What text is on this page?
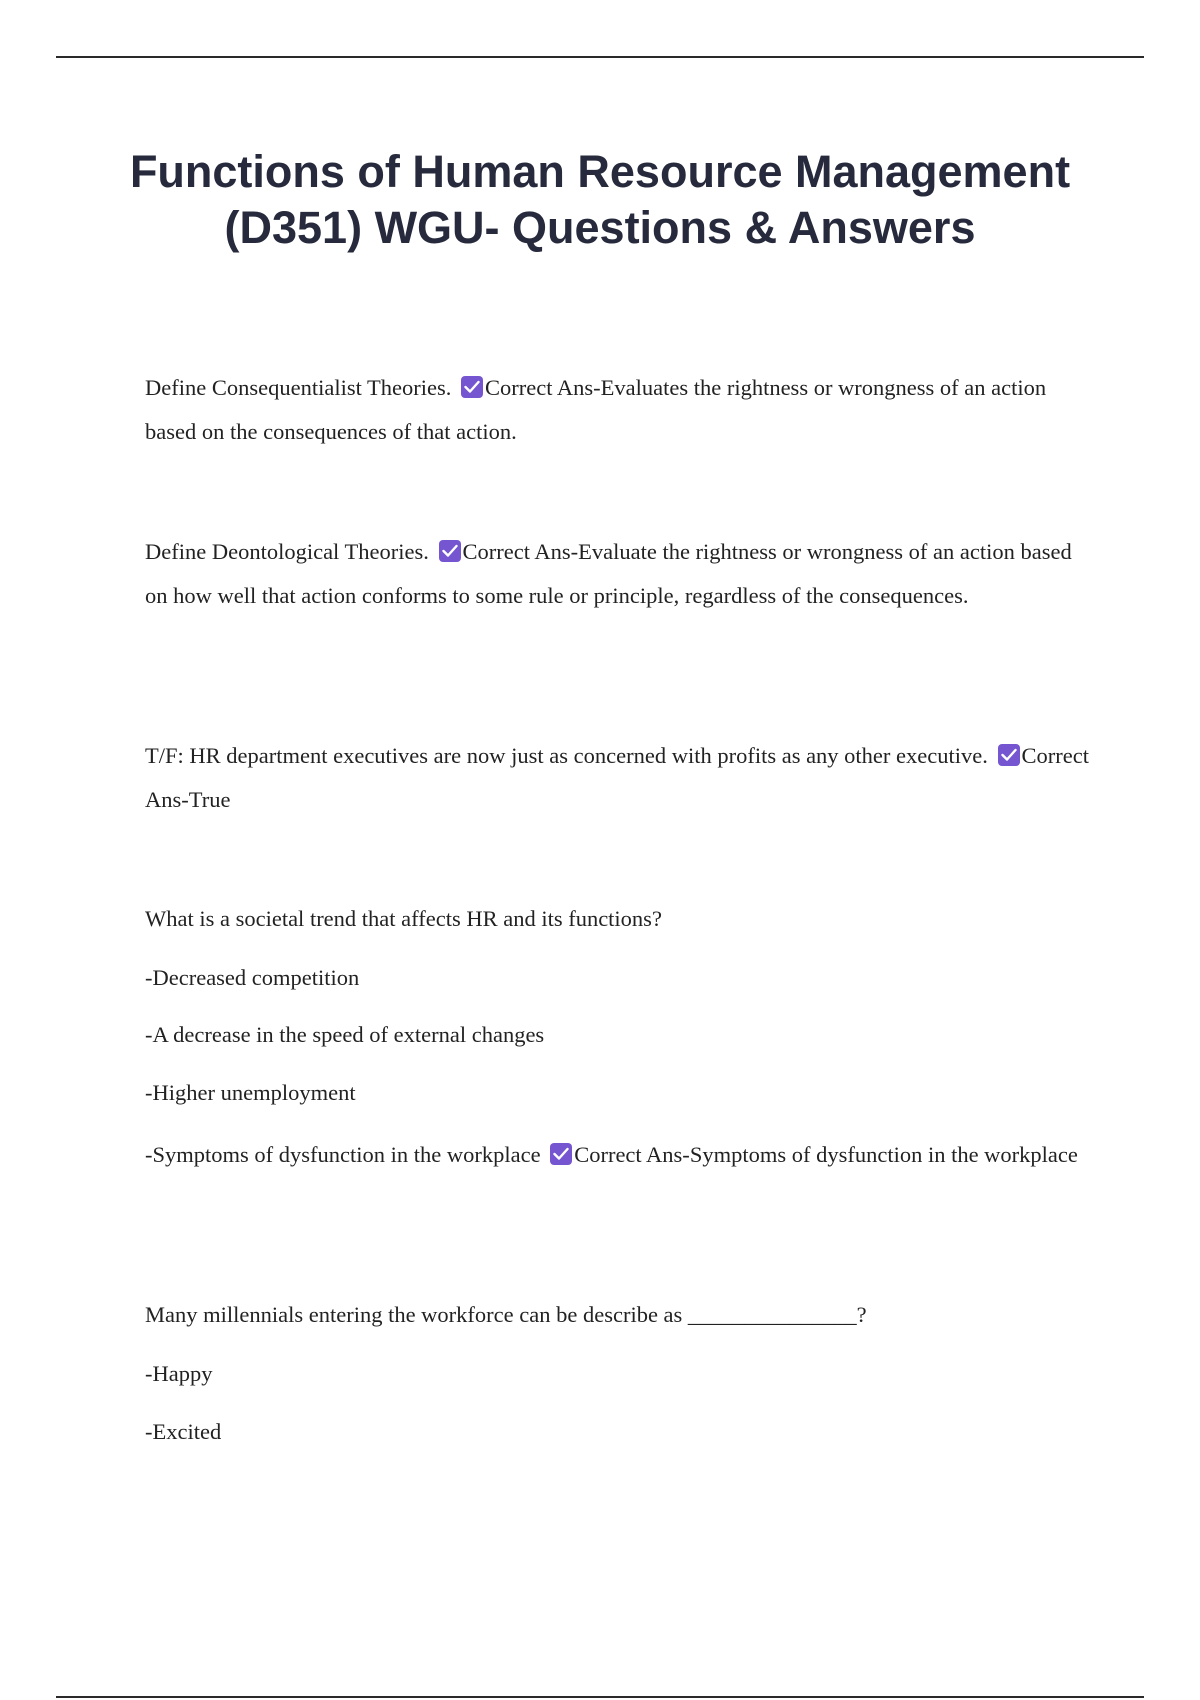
Functions of Human Resource Management (D351) WGU- Questions & Answers

Define Consequentialist Theories. Correct Ans-Evaluates the rightness or wrongness of an action based on the consequences of that action.

Define Deontological Theories. Correct Ans-Evaluate the rightness or wrongness of an action based on how well that action conforms to some rule or principle, regardless of the consequences.

T/F: HR department executives are now just as concerned with profits as any other executive. Correct Ans-True

What is a societal trend that affects HR and its functions?

-Decreased competition

-A decrease in the speed of external changes

-Higher unemployment

-Symptoms of dysfunction in the workplace Correct Ans-Symptoms of dysfunction in the workplace

Many millennials entering the workforce can be describe as _______________?

-Happy

-Excited
